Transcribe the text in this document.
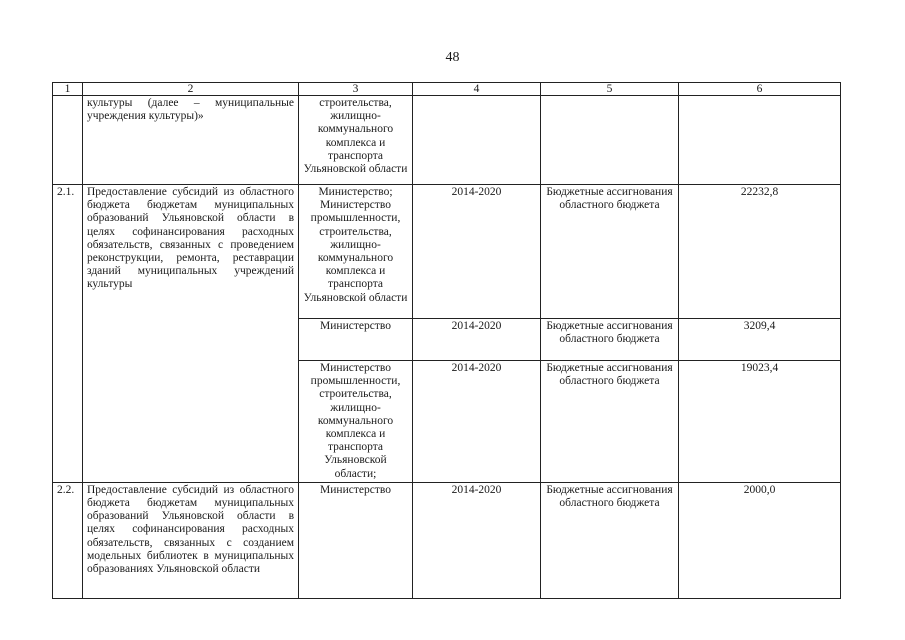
48
1	2	3	4	5	6
	культуры (далее – муниципальные учреждения культуры)»	строительства, жилищно-коммунального комплекса и транспорта Ульяновской области			
2.1.	Предоставление субсидий из областного бюджета бюджетам муниципальных образований Ульяновской области в целях софинансирования расходных обязательств, связанных с проведением реконструкции, ремонта, реставрации зданий муниципальных учреждений культуры	Министерство; Министерство промышленности, строительства, жилищно-коммунального комплекса и транспорта Ульяновской области	2014-2020	Бюджетные ассигнования областного бюджета	22232,8
		Министерство	2014-2020	Бюджетные ассигнования областного бюджета	3209,4
		Министерство промышленности, строительства, жилищно-коммунального комплекса и транспорта Ульяновской области;	2014-2020	Бюджетные ассигнования областного бюджета	19023,4
2.2.	Предоставление субсидий из областного бюджета бюджетам муниципальных образований Ульяновской области в целях софинансирования расходных обязательств, связанных с созданием модельных библиотек в муниципальных образованиях Ульяновской области	Министерство	2014-2020	Бюджетные ассигнования областного бюджета	2000,0
